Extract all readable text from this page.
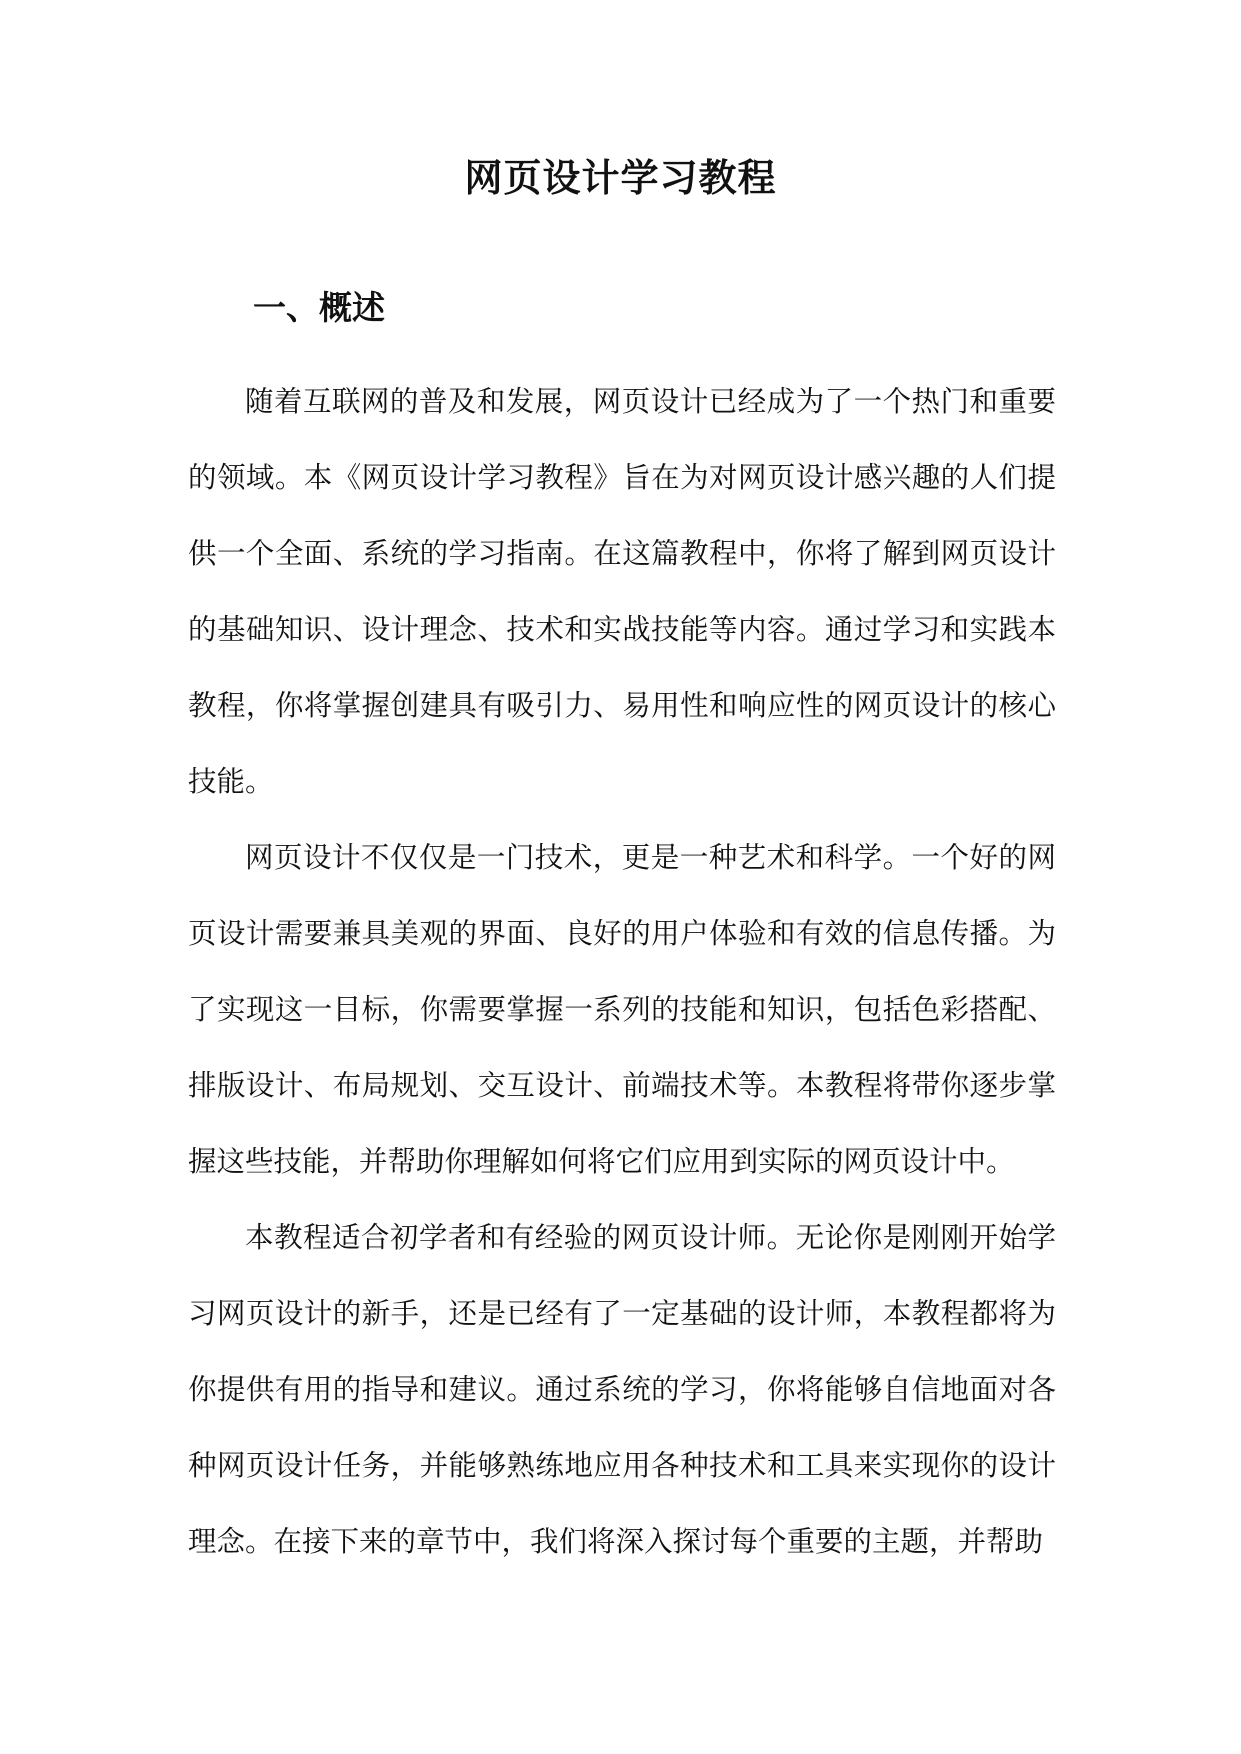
网页设计学习教程
一、概述

随着互联网的普及和发展，网页设计已经成为了一个热门和重要的领域。本《网页设计学习教程》旨在为对网页设计感兴趣的人们提供一个全面、系统的学习指南。在这篇教程中，你将了解到网页设计的基础知识、设计理念、技术和实战技能等内容。通过学习和实践本教程，你将掌握创建具有吸引力、易用性和响应性的网页设计的核心技能。

网页设计不仅仅是一门技术，更是一种艺术和科学。一个好的网页设计需要兼具美观的界面、良好的用户体验和有效的信息传播。为了实现这一目标，你需要掌握一系列的技能和知识，包括色彩搭配、排版设计、布局规划、交互设计、前端技术等。本教程将带你逐步掌握这些技能，并帮助你理解如何将它们应用到实际的网页设计中。

本教程适合初学者和有经验的网页设计师。无论你是刚刚开始学习网页设计的新手，还是已经有了一定基础的设计师，本教程都将为你提供有用的指导和建议。通过系统的学习，你将能够自信地面对各种网页设计任务，并能够熟练地应用各种技术和工具来实现你的设计理念。在接下来的章节中，我们将深入探讨每个重要的主题，并帮助
